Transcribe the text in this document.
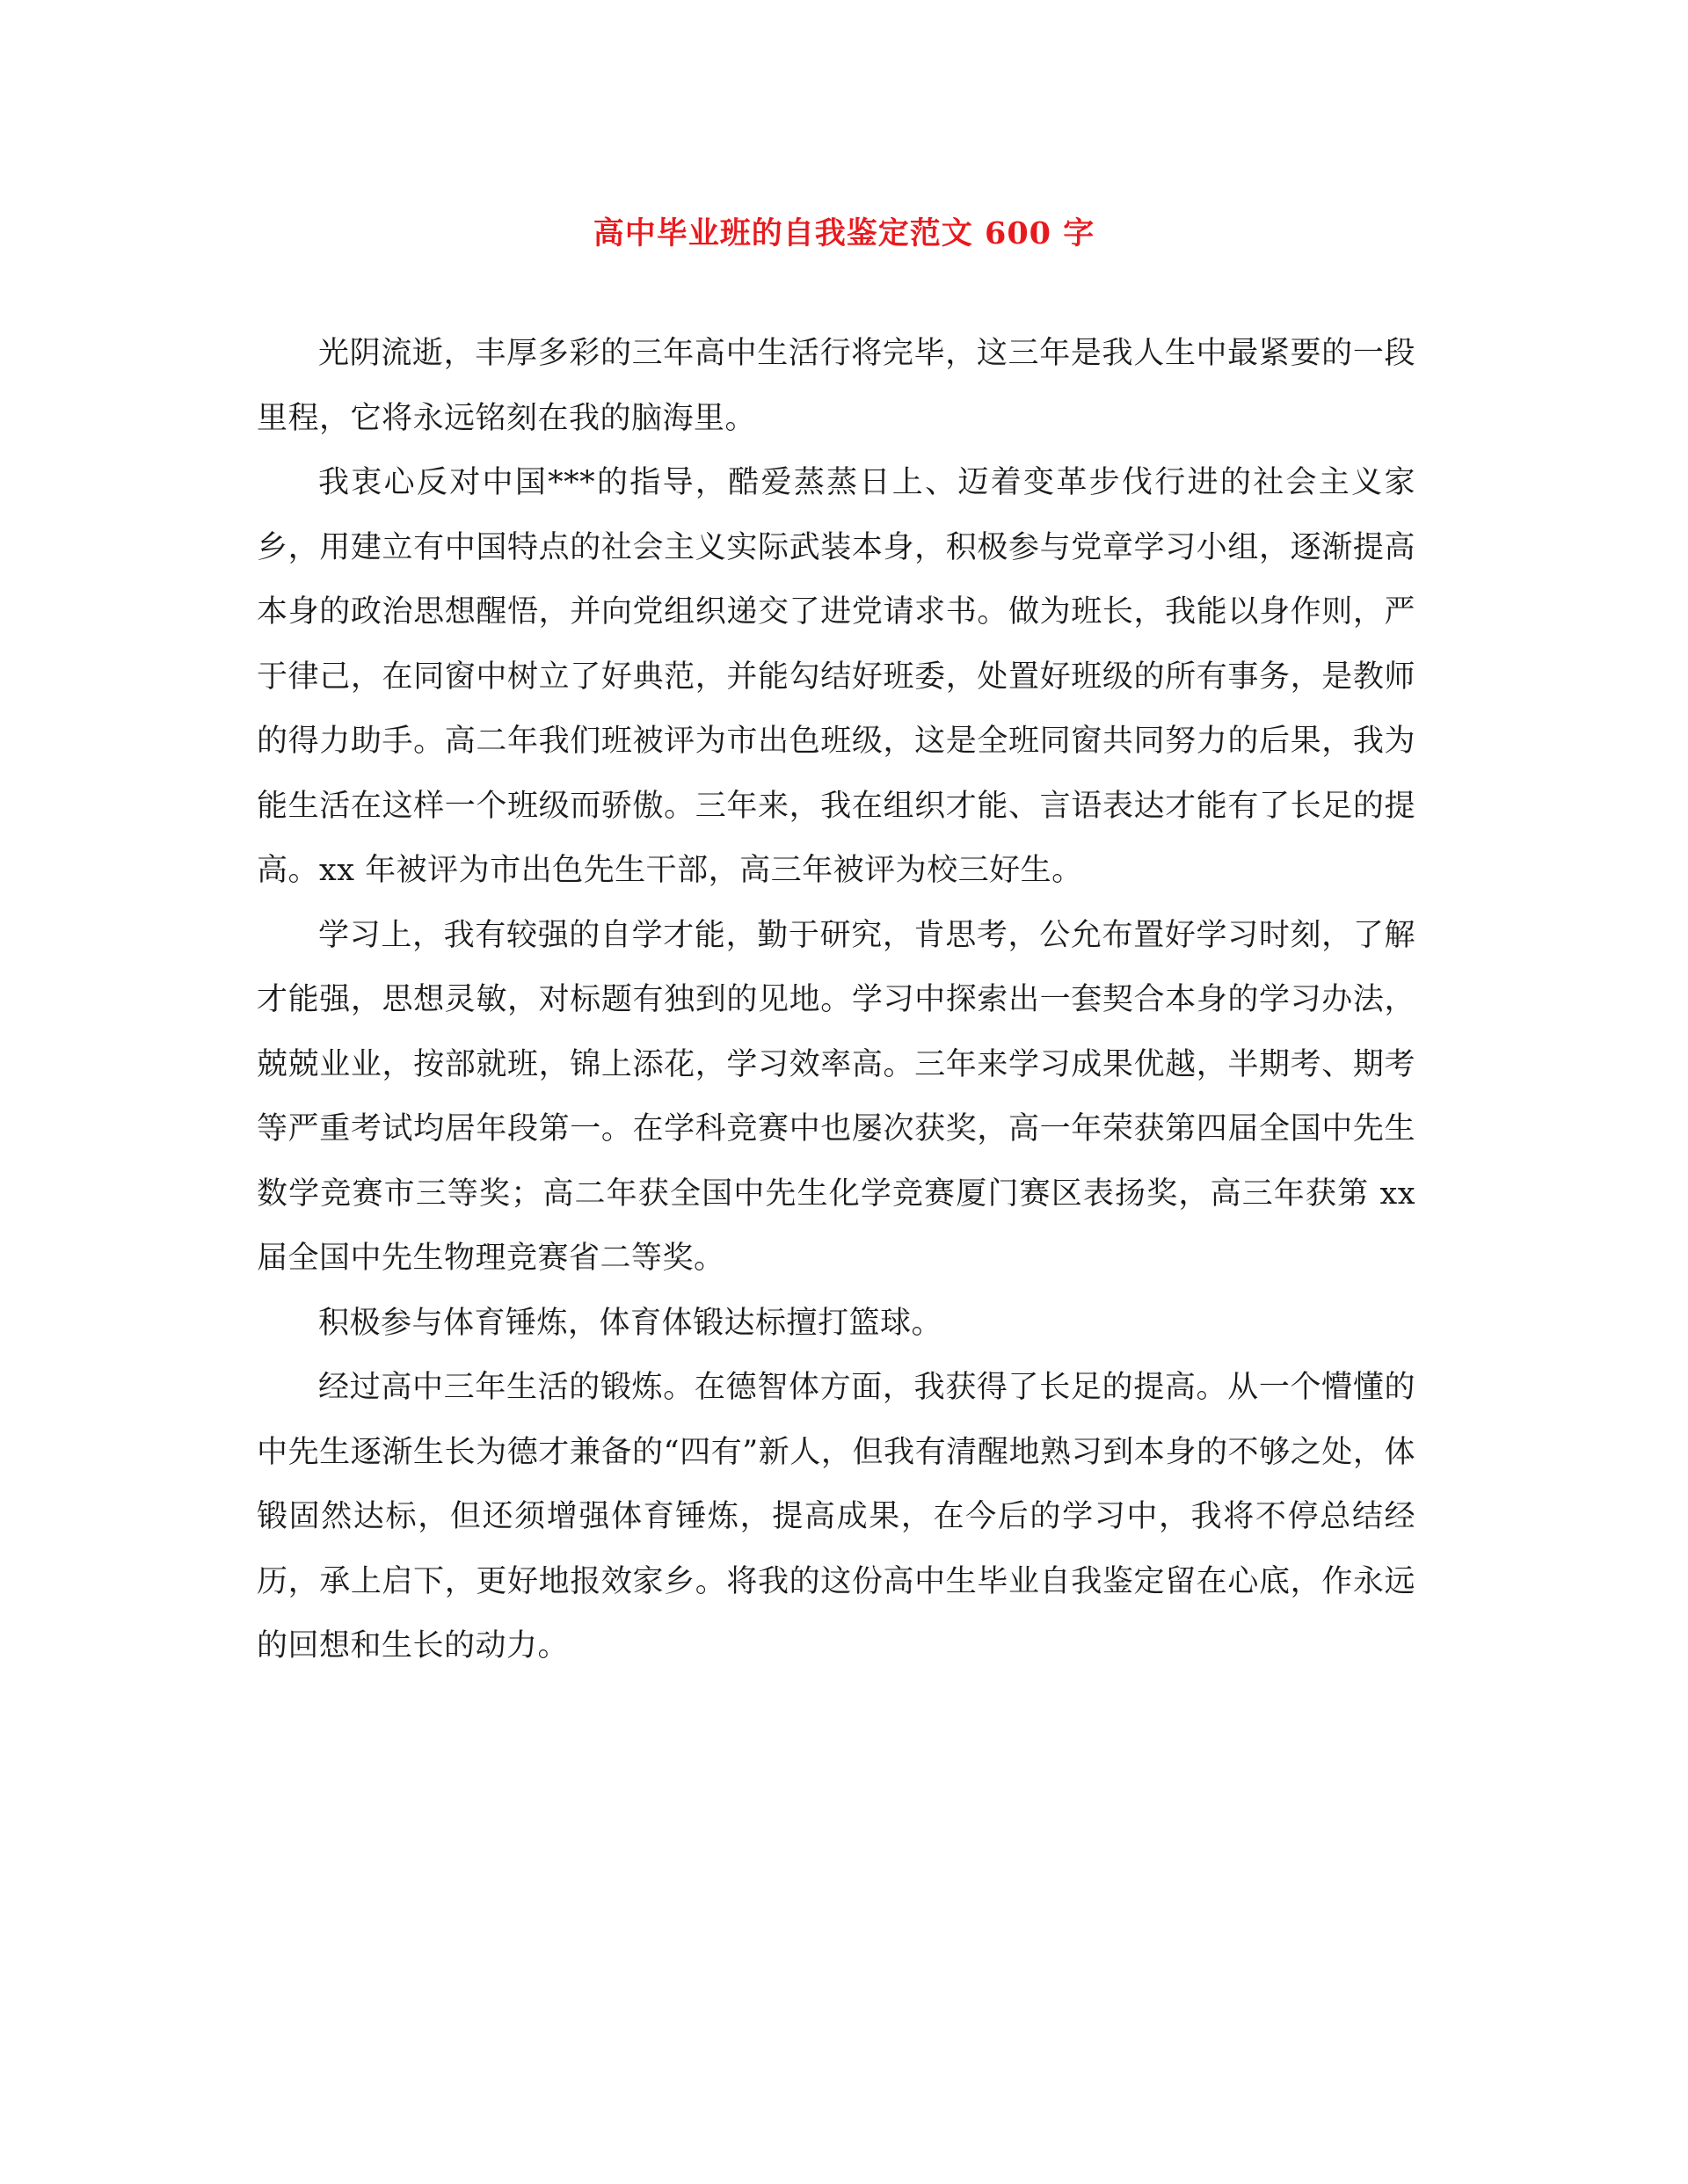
高中毕业班的自我鉴定范文 600 字

光阴流逝，丰厚多彩的三年高中生活行将完毕，这三年是我人生中最紧要的一段里程，它将永远铭刻在我的脑海里。

我衷心反对中国***的指导，酷爱蒸蒸日上、迈着变革步伐行进的社会主义家乡，用建立有中国特点的社会主义实际武装本身，积极参与党章学习小组，逐渐提高本身的政治思想醒悟，并向党组织递交了进党请求书。做为班长，我能以身作则，严于律己，在同窗中树立了好典范，并能勾结好班委，处置好班级的所有事务，是教师的得力助手。高二年我们班被评为市出色班级，这是全班同窗共同努力的后果，我为能生活在这样一个班级而骄傲。三年来，我在组织才能、言语表达才能有了长足的提高。xx 年被评为市出色先生干部，高三年被评为校三好生。

学习上，我有较强的自学才能，勤于研究，肯思考，公允布置好学习时刻，了解才能强，思想灵敏，对标题有独到的见地。学习中探索出一套契合本身的学习办法，兢兢业业，按部就班，锦上添花，学习效率高。三年来学习成果优越，半期考、期考等严重考试均居年段第一。在学科竞赛中也屡次获奖，高一年荣获第四届全国中先生数学竞赛市三等奖；高二年获全国中先生化学竞赛厦门赛区表扬奖，高三年获第 xx 届全国中先生物理竞赛省二等奖。

积极参与体育锤炼，体育体锻达标擅打篮球。

经过高中三年生活的锻炼。在德智体方面，我获得了长足的提高。从一个懵懂的中先生逐渐生长为德才兼备的“四有”新人，但我有清醒地熟习到本身的不够之处，体锻固然达标，但还须增强体育锤炼，提高成果，在今后的学习中，我将不停总结经历，承上启下，更好地报效家乡。将我的这份高中生毕业自我鉴定留在心底，作永远的回想和生长的动力。
